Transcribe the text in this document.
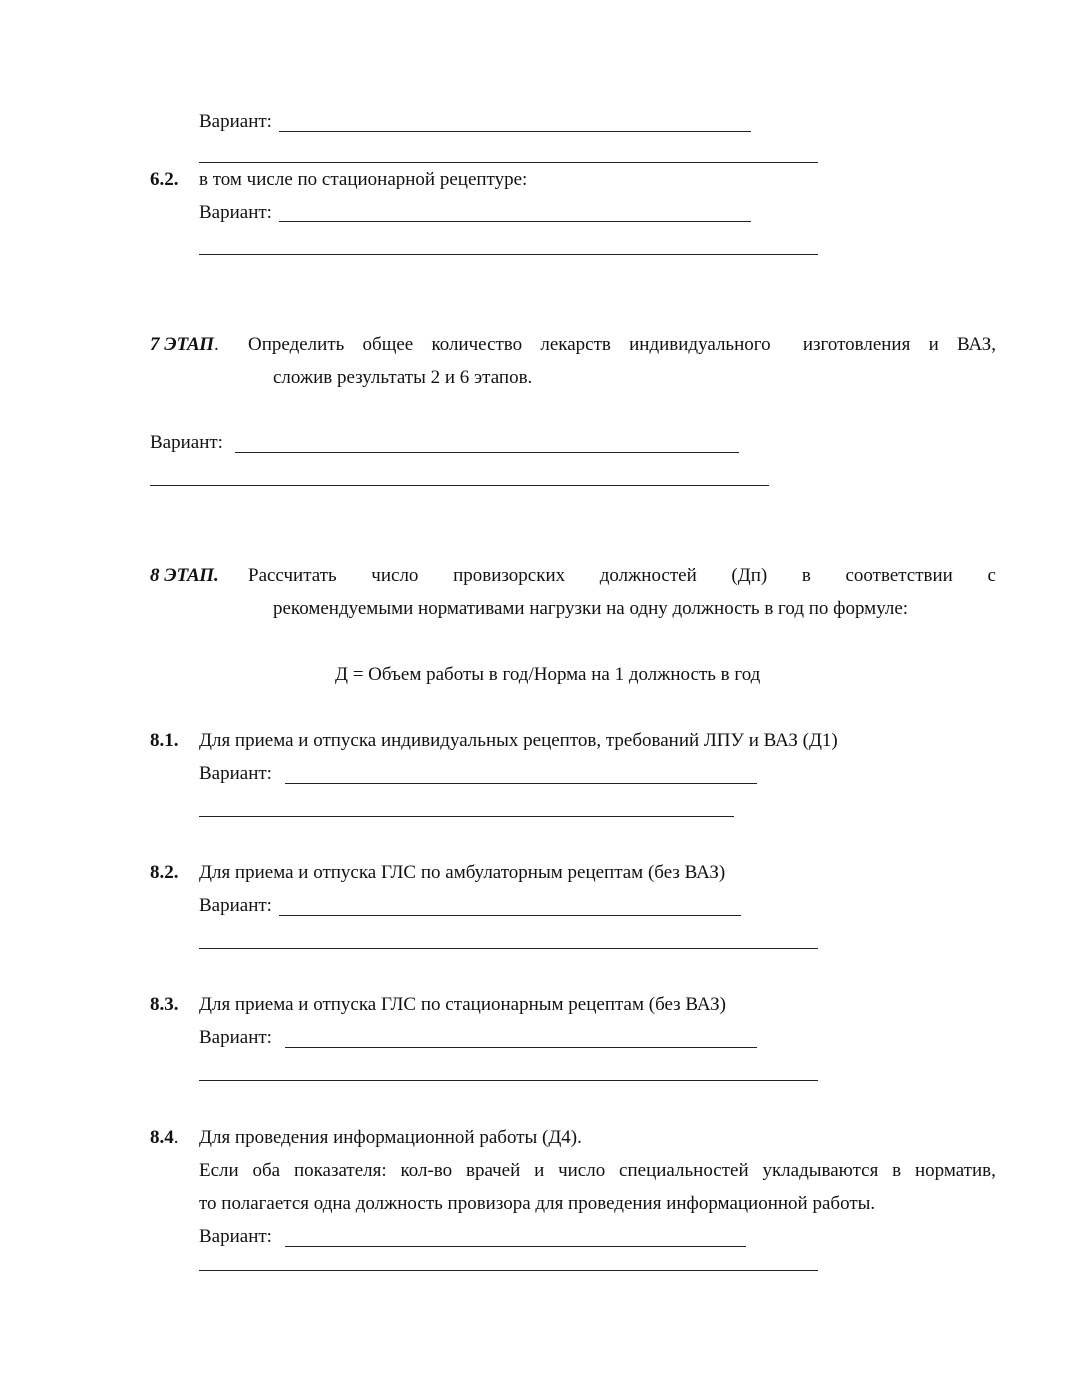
Вариант:
6.2. в том числе по стационарной рецептуре:
Вариант:
7 ЭТАП. Определить общее количество лекарств индивидуального изготовления и ВАЗ,
сложив результаты 2 и 6 этапов.
Вариант:
8 ЭТАП. Рассчитать число провизорских должностей (Дп) в соответствии с
рекомендуемыми нормативами нагрузки на одну должность в год по формуле:
Д = Объем работы в год/Норма на 1 должность в год
8.1. Для приема и отпуска индивидуальных рецептов, требований ЛПУ и ВАЗ (Д1)
Вариант:
8.2. Для приема и отпуска ГЛС по амбулаторным рецептам (без ВАЗ)
Вариант:
8.3. Для приема и отпуска ГЛС по стационарным рецептам (без ВАЗ)
Вариант:
8.4. Для проведения информационной работы (Д4).
Если оба показателя: кол-во врачей и число специальностей укладываются в норматив,
то полагается одна должность провизора для проведения информационной работы.
Вариант:
